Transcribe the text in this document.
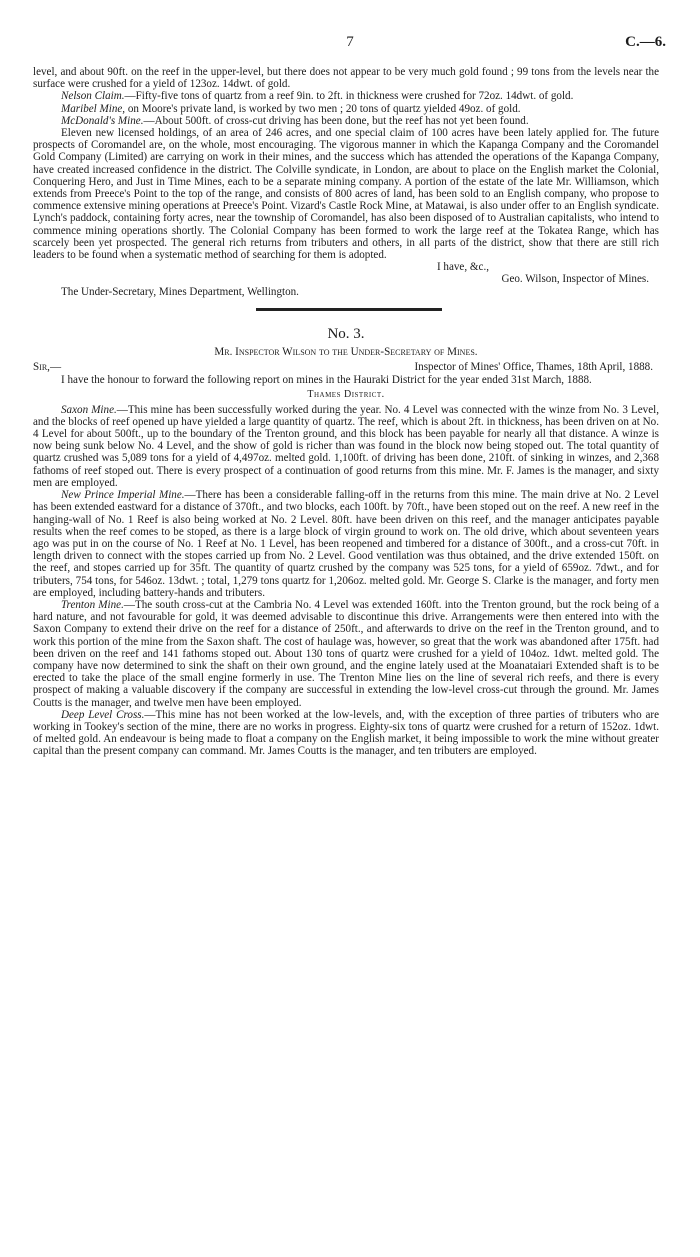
7	C.—6.

level, and about 90ft. on the reef in the upper-level, but there does not appear to be very much gold found ; 99 tons from the levels near the surface were crushed for a yield of 123oz. 14dwt. of gold.

Nelson Claim.—Fifty-five tons of quartz from a reef 9in. to 2ft. in thickness were crushed for 72oz. 14dwt. of gold.

Maribel Mine, on Moore's private land, is worked by two men ; 20 tons of quartz yielded 49oz. of gold.

McDonald's Mine.—About 500ft. of cross-cut driving has been done, but the reef has not yet been found.

Eleven new licensed holdings, of an area of 246 acres, and one special claim of 100 acres have been lately applied for. The future prospects of Coromandel are, on the whole, most encouraging. The vigorous manner in which the Kapanga Company and the Coromandel Gold Company (Limited) are carrying on work in their mines, and the success which has attended the operations of the Kapanga Company, have created increased confidence in the district. The Colville syndicate, in London, are about to place on the English market the Colonial, Conquering Hero, and Just in Time Mines, each to be a separate mining company. A portion of the estate of the late Mr. Williamson, which extends from Preece's Point to the top of the range, and consists of 800 acres of land, has been sold to an English company, who propose to commence extensive mining operations at Preece's Point. Vizard's Castle Rock Mine, at Matawai, is also under offer to an English syndicate. Lynch's paddock, containing forty acres, near the township of Coromandel, has also been disposed of to Australian capitalists, who intend to commence mining operations shortly. The Colonial Company has been formed to work the large reef at the Tokatea Range, which has scarcely been yet prospected. The general rich returns from tributers and others, in all parts of the district, show that there are still rich leaders to be found when a systematic method of searching for them is adopted.

I have, &c.,

Geo. Wilson, Inspector of Mines.

The Under-Secretary, Mines Department, Wellington.

No. 3.
Mr. Inspector Wilson to the Under-Secretary of Mines.
Sir,—	Inspector of Mines' Office, Thames, 18th April, 1888.

I have the honour to forward the following report on mines in the Hauraki District for the year ended 31st March, 1888.

Thames District.

Saxon Mine.—This mine has been successfully worked during the year. No. 4 Level was connected with the winze from No. 3 Level, and the blocks of reef opened up have yielded a large quantity of quartz. The reef, which is about 2ft. in thickness, has been driven on at No. 4 Level for about 500ft., up to the boundary of the Trenton ground, and this block has been payable for nearly all that distance. A winze is now being sunk below No. 4 Level, and the show of gold is richer than was found in the block now being stoped out. The total quantity of quartz crushed was 5,089 tons for a yield of 4,497oz. melted gold. 1,100ft. of driving has been done, 210ft. of sinking in winzes, and 2,368 fathoms of reef stoped out. There is every prospect of a continuation of good returns from this mine. Mr. F. James is the manager, and sixty men are employed.

New Prince Imperial Mine.—There has been a considerable falling-off in the returns from this mine. The main drive at No. 2 Level has been extended eastward for a distance of 370ft., and two blocks, each 100ft. by 70ft., have been stoped out on the reef. A new reef in the hanging-wall of No. 1 Reef is also being worked at No. 2 Level. 80ft. have been driven on this reef, and the manager anticipates payable results when the reef comes to be stoped, as there is a large block of virgin ground to work on. The old drive, which about seventeen years ago was put in on the course of No. 1 Reef at No. 1 Level, has been reopened and timbered for a distance of 300ft., and a cross-cut 70ft. in length driven to connect with the stopes carried up from No. 2 Level. Good ventilation was thus obtained, and the drive extended 150ft. on the reef, and stopes carried up for 35ft. The quantity of quartz crushed by the company was 525 tons, for a yield of 659oz. 7dwt., and for tributers, 754 tons, for 546oz. 13dwt. ; total, 1,279 tons quartz for 1,206oz. melted gold. Mr. George S. Clarke is the manager, and forty men are employed, including battery-hands and tributers.

Trenton Mine.—The south cross-cut at the Cambria No. 4 Level was extended 160ft. into the Trenton ground, but the rock being of a hard nature, and not favourable for gold, it was deemed advisable to discontinue this drive. Arrangements were then entered into with the Saxon Company to extend their drive on the reef for a distance of 250ft., and afterwards to drive on the reef in the Trenton ground, and to work this portion of the mine from the Saxon shaft. The cost of haulage was, however, so great that the work was abandoned after 175ft. had been driven on the reef and 141 fathoms stoped out. About 130 tons of quartz were crushed for a yield of 104oz. 1dwt. melted gold. The company have now determined to sink the shaft on their own ground, and the engine lately used at the Moanataiari Extended shaft is to be erected to take the place of the small engine formerly in use. The Trenton Mine lies on the line of several rich reefs, and there is every prospect of making a valuable discovery if the company are successful in extending the low-level cross-cut through the ground. Mr. James Coutts is the manager, and twelve men have been employed.

Deep Level Cross.—This mine has not been worked at the low-levels, and, with the exception of three parties of tributers who are working in Tookey's section of the mine, there are no works in progress. Eighty-six tons of quartz were crushed for a return of 152oz. 1dwt. of melted gold. An endeavour is being made to float a company on the English market, it being impossible to work the mine without greater capital than the present company can command. Mr. James Coutts is the manager, and ten tributers are employed.
